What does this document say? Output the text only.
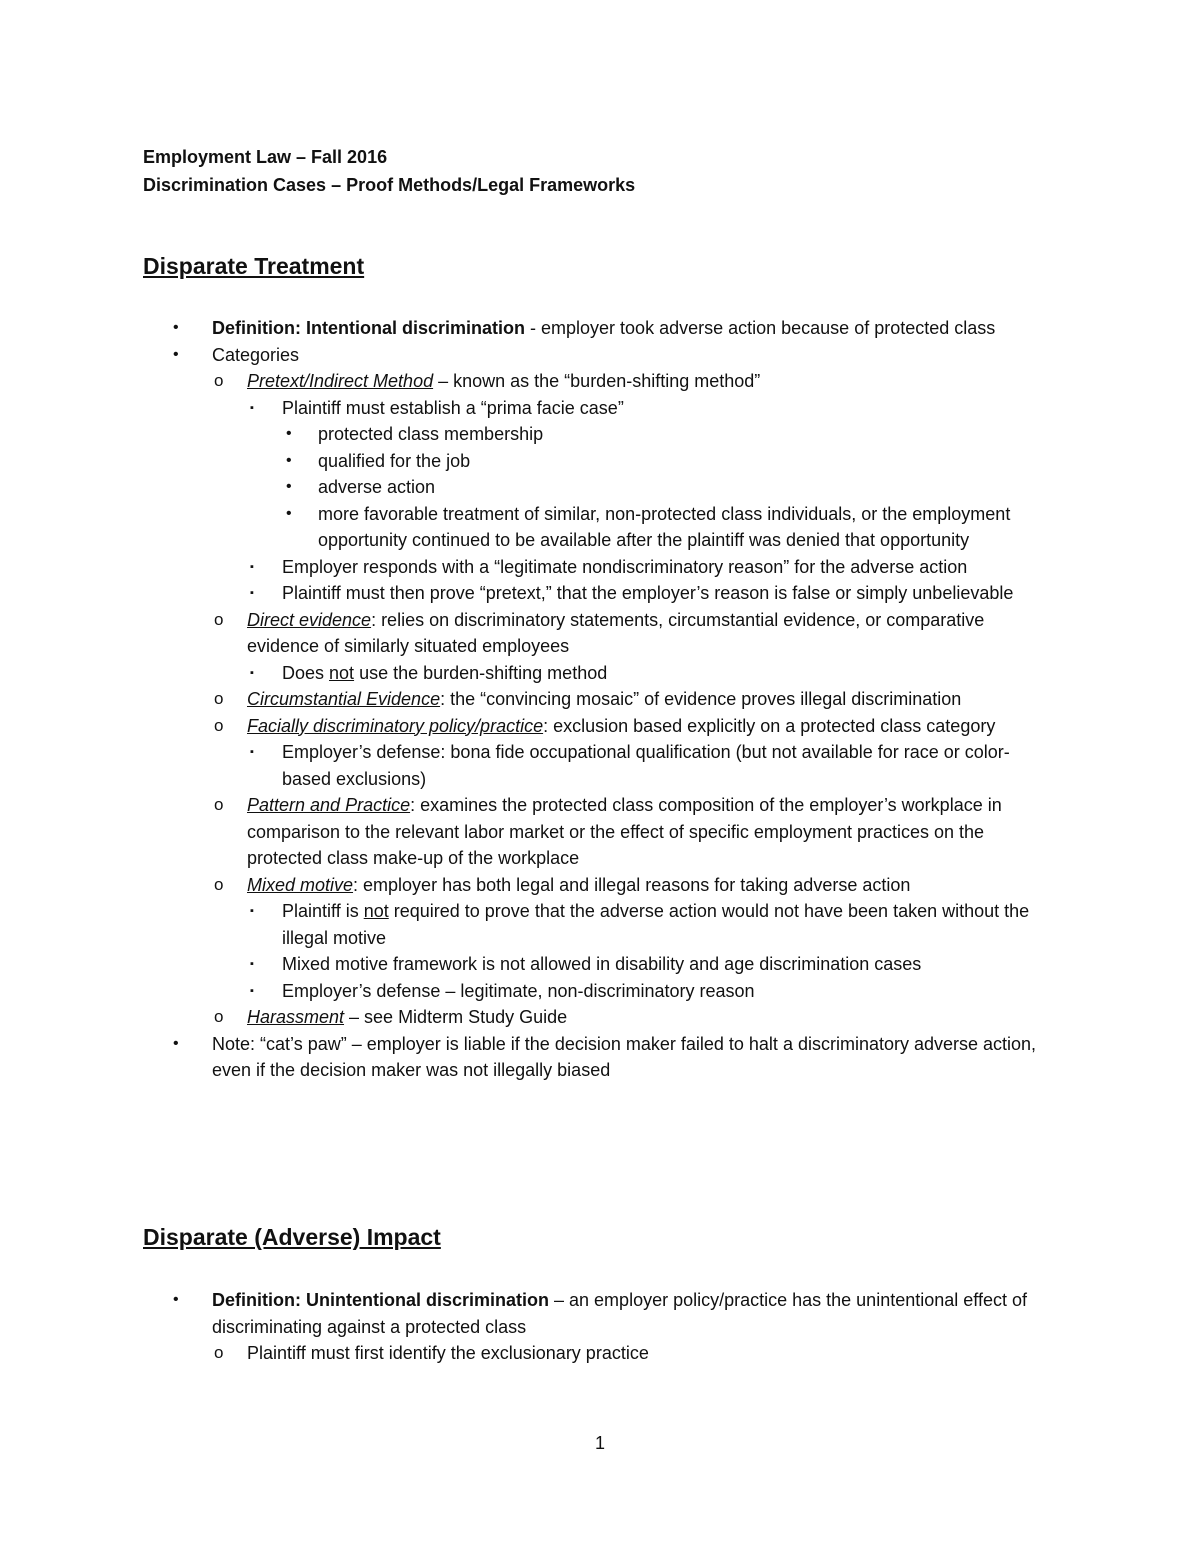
Employment Law – Fall 2016
Discrimination Cases – Proof Methods/Legal Frameworks
Disparate Treatment
• Definition: Intentional discrimination - employer took adverse action because of protected class
• Categories
o Pretext/Indirect Method – known as the “burden-shifting method”
▪ Plaintiff must establish a “prima facie case”
• protected class membership
• qualified for the job
• adverse action
• more favorable treatment of similar, non-protected class individuals, or the employment opportunity continued to be available after the plaintiff was denied that opportunity
▪ Employer responds with a “legitimate nondiscriminatory reason” for the adverse action
▪ Plaintiff must then prove “pretext,” that the employer’s reason is false or simply unbelievable
o Direct evidence: relies on discriminatory statements, circumstantial evidence, or comparative evidence of similarly situated employees
▪ Does not use the burden-shifting method
o Circumstantial Evidence: the “convincing mosaic” of evidence proves illegal discrimination
o Facially discriminatory policy/practice: exclusion based explicitly on a protected class category
▪ Employer’s defense: bona fide occupational qualification (but not available for race or color-based exclusions)
o Pattern and Practice: examines the protected class composition of the employer’s workplace in comparison to the relevant labor market or the effect of specific employment practices on the protected class make-up of the workplace
o Mixed motive: employer has both legal and illegal reasons for taking adverse action
▪ Plaintiff is not required to prove that the adverse action would not have been taken without the illegal motive
▪ Mixed motive framework is not allowed in disability and age discrimination cases
▪ Employer’s defense – legitimate, non-discriminatory reason
o Harassment – see Midterm Study Guide
• Note: “cat’s paw” – employer is liable if the decision maker failed to halt a discriminatory adverse action, even if the decision maker was not illegally biased
Disparate (Adverse) Impact
• Definition: Unintentional discrimination – an employer policy/practice has the unintentional effect of discriminating against a protected class
o Plaintiff must first identify the exclusionary practice
1
